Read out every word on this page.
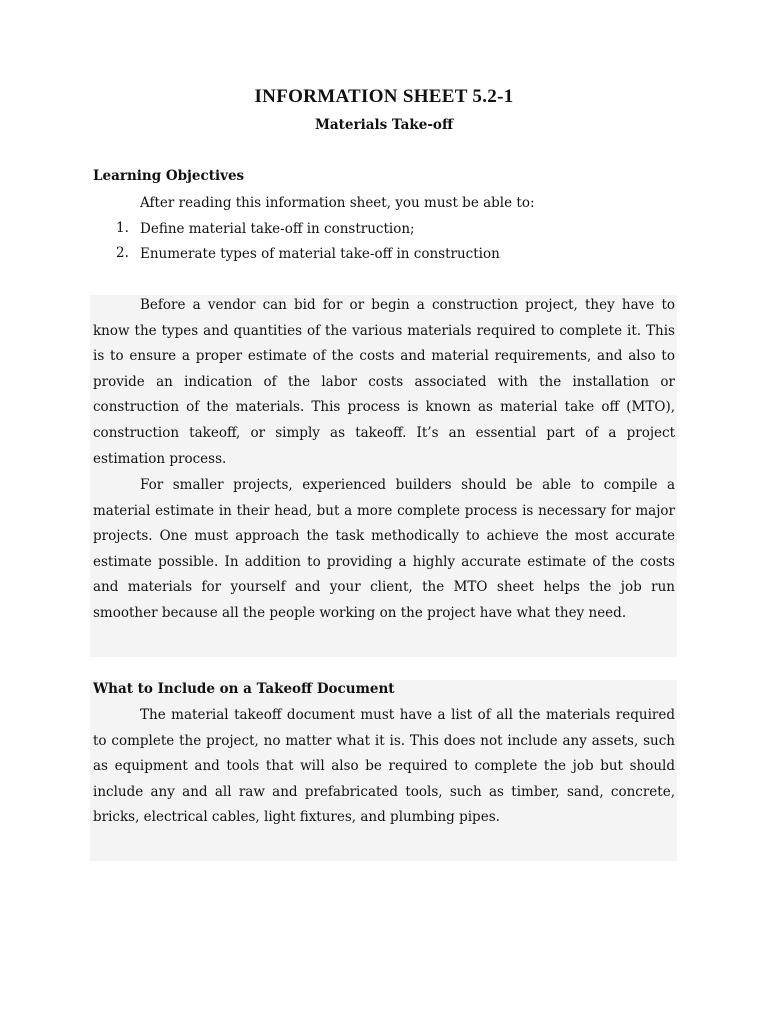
INFORMATION SHEET 5.2-1
Materials Take-off
Learning Objectives
After reading this information sheet, you must be able to:
1. Define material take-off in construction;
2. Enumerate types of material take-off in construction
Before a vendor can bid for or begin a construction project, they have to know the types and quantities of the various materials required to complete it. This is to ensure a proper estimate of the costs and material requirements, and also to provide an indication of the labor costs associated with the installation or construction of the materials. This process is known as material take off (MTO), construction takeoff, or simply as takeoff. It’s an essential part of a project estimation process.
For smaller projects, experienced builders should be able to compile a material estimate in their head, but a more complete process is necessary for major projects. One must approach the task methodically to achieve the most accurate estimate possible. In addition to providing a highly accurate estimate of the costs and materials for yourself and your client, the MTO sheet helps the job run smoother because all the people working on the project have what they need.
What to Include on a Takeoff Document
The material takeoff document must have a list of all the materials required to complete the project, no matter what it is. This does not include any assets, such as equipment and tools that will also be required to complete the job but should include any and all raw and prefabricated tools, such as timber, sand, concrete, bricks, electrical cables, light fixtures, and plumbing pipes.
